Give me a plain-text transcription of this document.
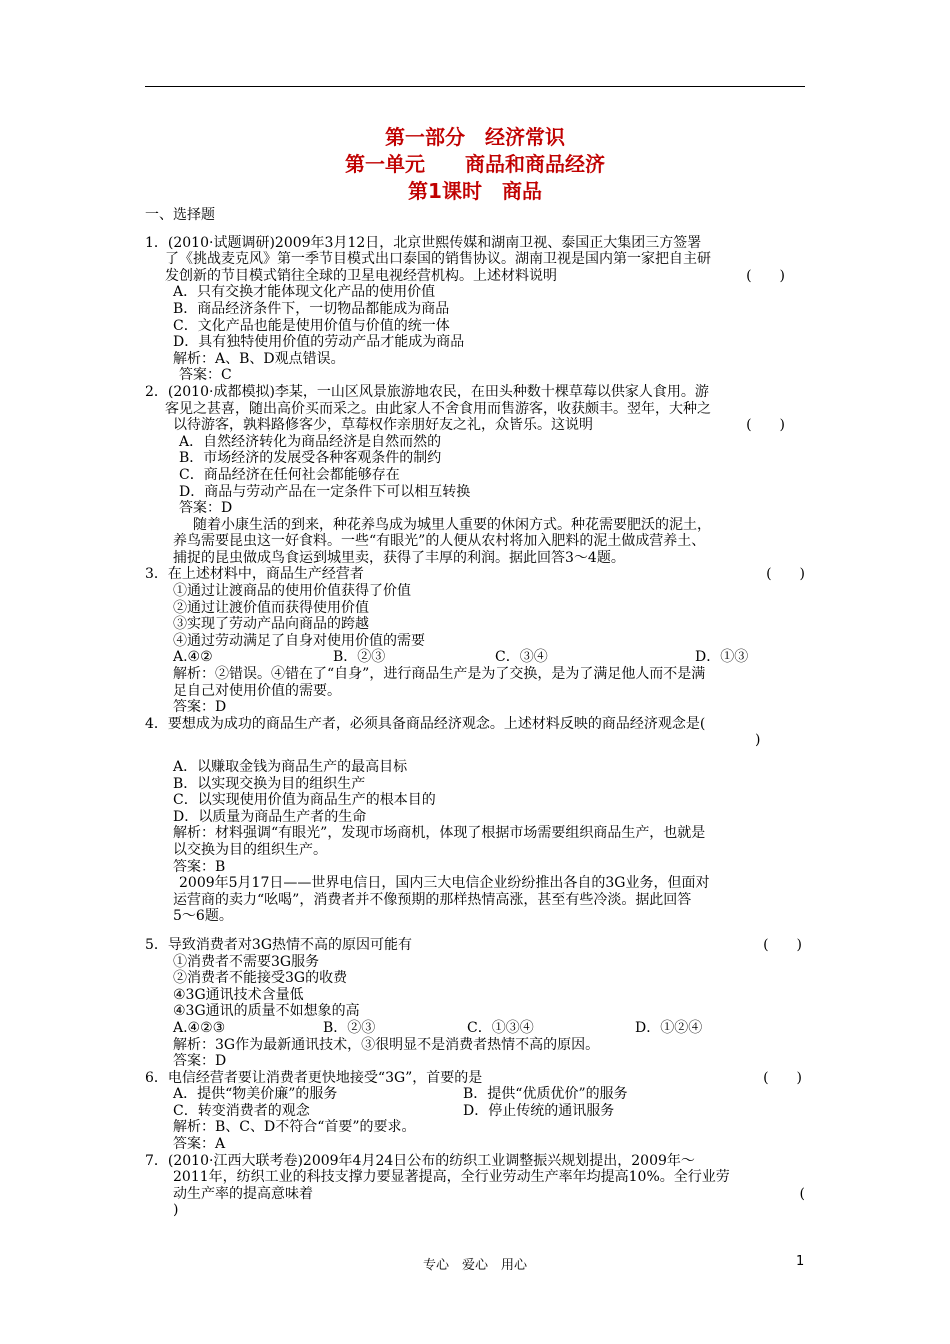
第一部分　经济常识
第一单元　　商品和商品经济
第1课时　商品
一、选择题
1．(2010·试题调研)2009年3月12日，北京世熙传媒和湖南卫视、泰国正大集团三方签署
了《挑战麦克风》第一季节目模式出口泰国的销售协议。湖南卫视是国内第一家把自主研
发创新的节目模式销往全球的卫星电视经营机构。上述材料说明	(　　)
A．只有交换才能体现文化产品的使用价值
B．商品经济条件下，一切物品都能成为商品
C．文化产品也能是使用价值与价值的统一体
D．具有独特使用价值的劳动产品才能成为商品
解析：A、B、D观点错误。
答案：C
2．(2010·成都模拟)李某，一山区风景旅游地农民，在田头种数十棵草莓以供家人食用。游
客见之甚喜，随出高价买而采之。由此家人不舍食用而售游客，收获颇丰。翌年，大种之
以待游客，孰料路修客少，草莓权作亲朋好友之礼，众皆乐。这说明	(　　)
A．自然经济转化为商品经济是自然而然的
B．市场经济的发展受各种客观条件的制约
C．商品经济在任何社会都能够存在
D．商品与劳动产品在一定条件下可以相互转换
答案：D
随着小康生活的到来，种花养鸟成为城里人重要的休闲方式。种花需要肥沃的泥土，
养鸟需要昆虫这一好食料。一些“有眼光”的人便从农村将加入肥料的泥土做成营养土、
捕捉的昆虫做成鸟食运到城里卖，获得了丰厚的利润。据此回答3～4题。
3．在上述材料中，商品生产经营者	(　　)
①通过让渡商品的使用价值获得了价值
②通过让渡价值而获得使用价值
③实现了劳动产品向商品的跨越
④通过劳动满足了自身对使用价值的需要
A.④②	B．②③	C．③④	D．①③
解析：②错误。④错在了“自身”，进行商品生产是为了交换，是为了满足他人而不是满
足自己对使用价值的需要。
答案：D
4．要想成为成功的商品生产者，必须具备商品经济观念。上述材料反映的商品经济观念是(
)
A．以赚取金钱为商品生产的最高目标
B．以实现交换为目的组织生产
C．以实现使用价值为商品生产的根本目的
D．以质量为商品生产者的生命
解析：材料强调“有眼光”，发现市场商机，体现了根据市场需要组织商品生产，也就是
以交换为目的组织生产。
答案：B
2009年5月17日——世界电信日，国内三大电信企业纷纷推出各自的3G业务，但面对
运营商的卖力“吆喝”，消费者并不像预期的那样热情高涨，甚至有些冷淡。据此回答
5～6题。
5．导致消费者对3G热情不高的原因可能有	(　　)
①消费者不需要3G服务
②消费者不能接受3G的收费
④3G通讯技术含量低
④3G通讯的质量不如想象的高
A.④②③	B．②③	C．①③④	D．①②④
解析：3G作为最新通讯技术，③很明显不是消费者热情不高的原因。
答案：D
6．电信经营者要让消费者更快地接受“3G”，首要的是	(　　)
A．提供“物美价廉”的服务	B．提供“优质优价”的服务
C．转变消费者的观念	D．停止传统的通讯服务
解析：B、C、D不符合“首要”的要求。
答案：A
7．(2010·江西大联考卷)2009年4月24日公布的纺织工业调整振兴规划提出，2009年～
2011年，纺织工业的科技支撑力要显著提高，全行业劳动生产率年均提高10%。全行业劳
动生产率的提高意味着	(
)
专心　爱心　用心	1
